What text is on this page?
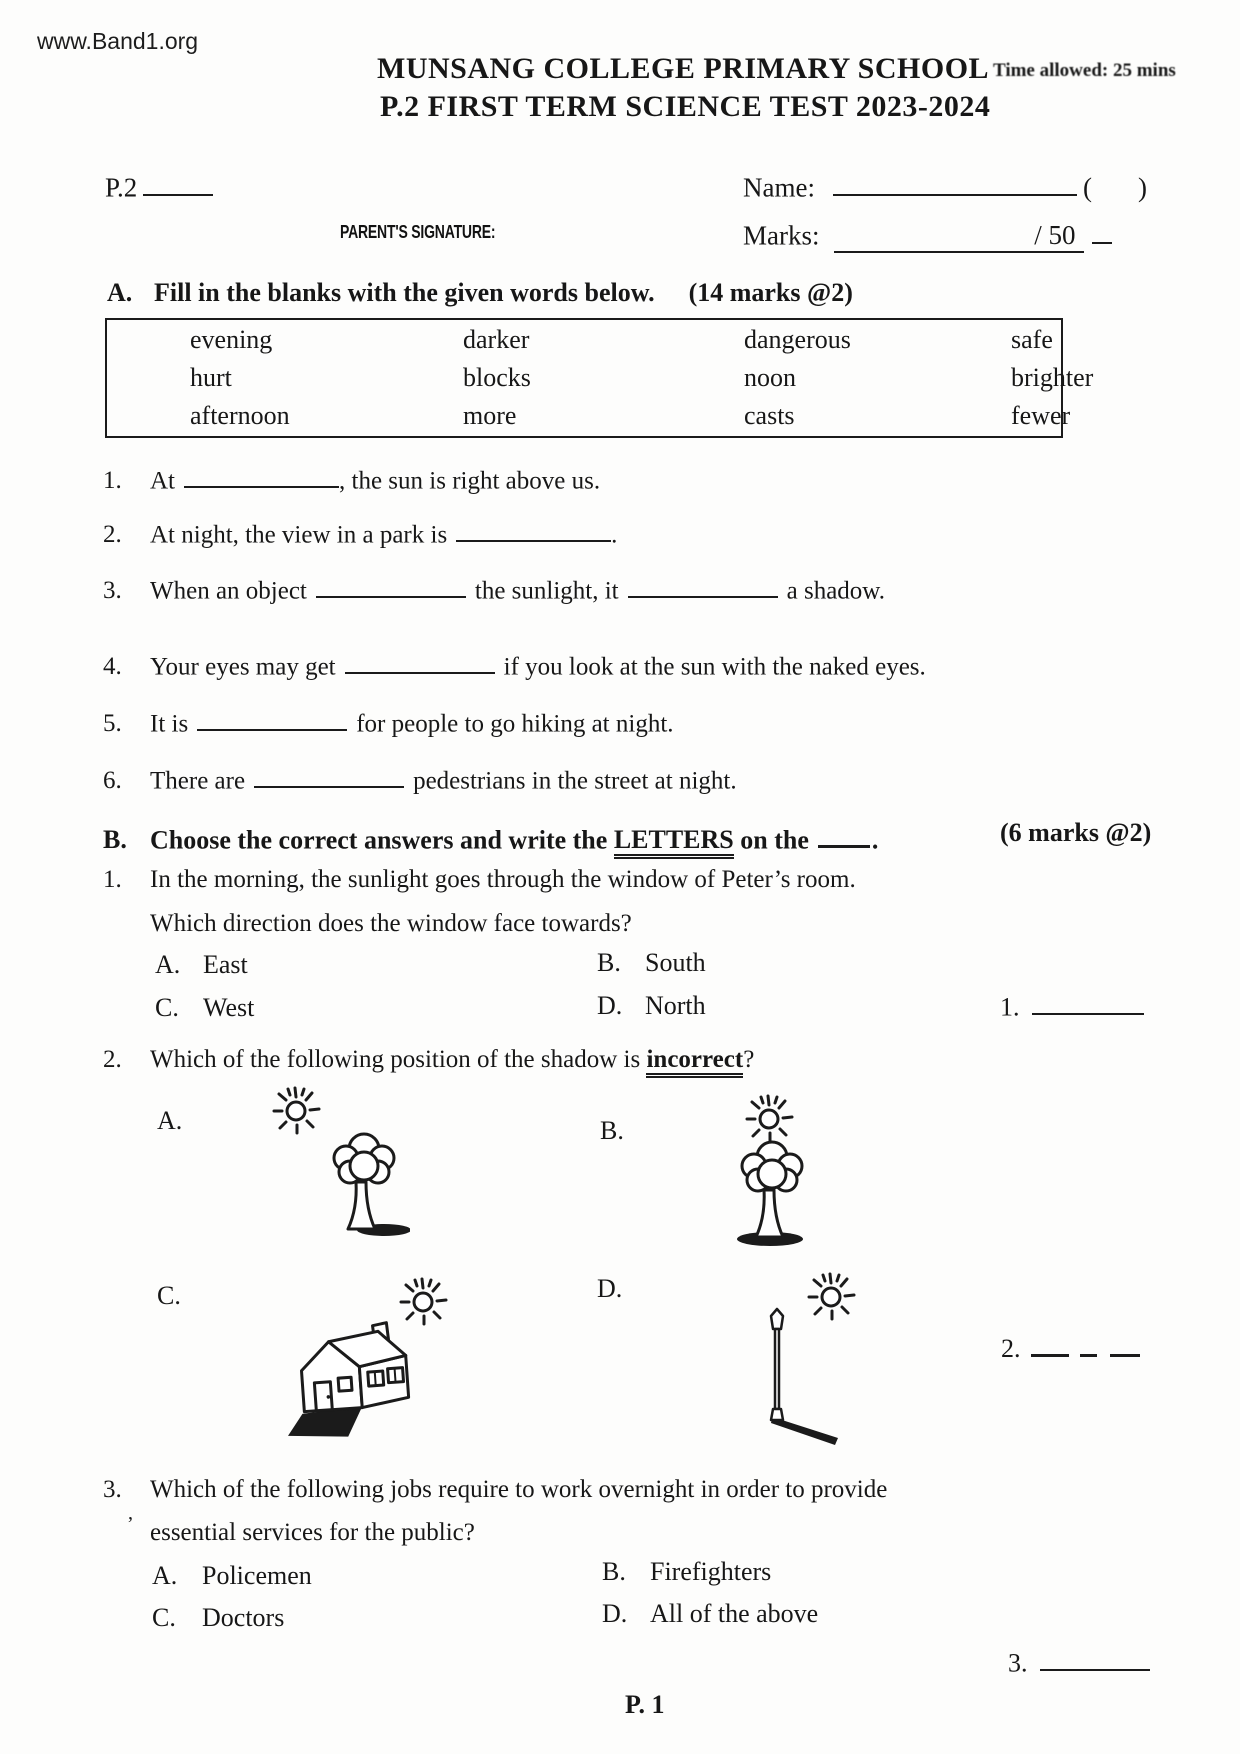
www.Band1.org
MUNSANG COLLEGE PRIMARY SCHOOL Time allowed: 25 mins
P.2 FIRST TERM SCIENCE TEST 2023-2024
P.2	Name:	( )
PARENT'S SIGNATURE:	Marks:	/ 50
A. Fill in the blanks with the given words below. (14 marks @2)
evening	darker	dangerous	safe
hurt	blocks	noon	brighter
afternoon	more	casts	fewer
1. At	, the sun is right above us.
2. At night, the view in a park is	.
3. When an object	the sunlight, it	a shadow.
4. Your eyes may get	if you look at the sun with the naked eyes.
5. It is	for people to go hiking at night.
6. There are	pedestrians in the street at night.
B. Choose the correct answers and write the LETTERS on the .	(6 marks @2)
1. In the morning, the sunlight goes through the window of Peter’s room.
Which direction does the window face towards?
A. East	B. South
C. West	D. North	1.
2. Which of the following position of the shadow is incorrect?
A.	B.
C.	D.
2.
3. Which of the following jobs require to work overnight in order to provide
’ essential services for the public?
A. Policemen	B. Firefighters
C. Doctors	D. All of the above
3.
P. 1
